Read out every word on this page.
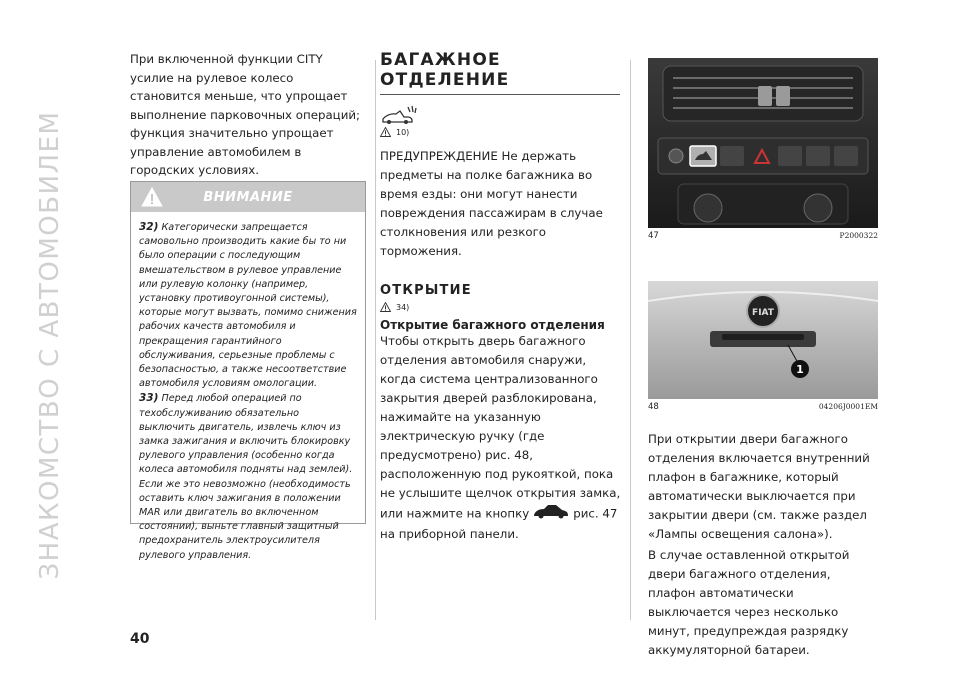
ЗНАКОМСТВО С АВТОМОБИЛЕМ

При включенной функции CITY усилие на рулевое колесо становится меньше, что упрощает выполнение парковочных операций; функция значительно упрощает управление автомобилем в городских условиях.

ВНИМАНИЕ

32) Категорически запрещается самовольно производить какие бы то ни было операции с последующим вмешательством в рулевое управление или рулевую колонку (например, установку противоугонной системы), которые могут вызвать, помимо снижения рабочих качеств автомобиля и прекращения гарантийного обслуживания, серьезные проблемы с безопасностью, а также несоответствие автомобиля условиям омологации.

33) Перед любой операцией по техобслуживанию обязательно выключить двигатель, извлечь ключ из замка зажигания и включить блокировку рулевого управления (особенно когда колеса автомобиля подняты над землей). Если же это невозможно (необходимость оставить ключ зажигания в положении MAR или двигатель во включенном состоянии), выньте главный защитный предохранитель электроусилителя рулевого управления.

БАГАЖНОЕ ОТДЕЛЕНИЕ
10)

ПРЕДУПРЕЖДЕНИЕ Не держать предметы на полке багажника во время езды: они могут нанести повреждения пассажирам в случае столкновения или резкого торможения.

ОТКРЫТИЕ
34)
Открытие багажного отделения

Чтобы открыть дверь багажного отделения автомобиля снаружи, когда система централизованного закрытия дверей разблокирована, нажимайте на указанную электрическую ручку (где предусмотрено) рис. 48, расположенную под рукояткой, пока не услышите щелчок открытия замка, или нажмите на кнопку	рис. 47 на приборной панели.

47	P2000322
FIAT
1
48	04206J0001EM

При открытии двери багажного отделения включается внутренний плафон в багажнике, который автоматически выключается при закрытии двери (см. также раздел «Лампы освещения салона»).

В случае оставленной открытой двери багажного отделения, плафон автоматически выключается через несколько минут, предупреждая разрядку аккумуляторной батареи.

40
